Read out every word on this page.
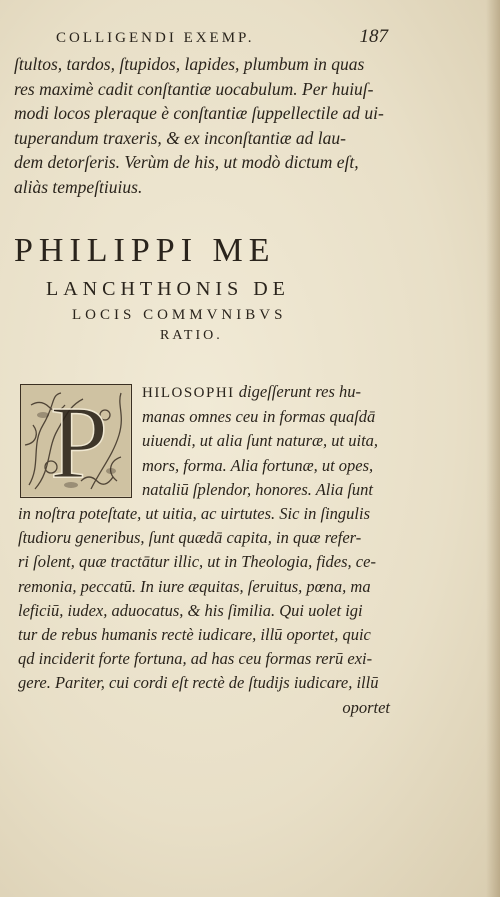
COLLIGENDI EXEMP.	187
ſtultos, tardos, ſtupidos, lapides, plumbum in quas
res maximè cadit conſtantiæ uocabulum. Per huiuſ-
modi locos pleraque è conſtantiæ ſuppellectile ad ui-
tuperandum traxeris, & ex inconſtantiæ ad lau-
dem detorſeris. Verùm de his, ut modò dictum eſt,
aliàs tempeſtiuius.
PHILIPPI ME
LANCHTHONIS DE
LOCIS COMMVNIBVS
RATIO.
P	HILOSOPHI digeſſerunt res hu-
manas omnes ceu in formas quaſdā
uiuendi, ut alia ſunt naturæ, ut uita,
mors, forma. Alia fortunæ, ut opes,
nataliū ſplendor, honores. Alia ſunt
in noſtra poteſtate, ut uitia, ac uirtutes. Sic in ſingulis
ſtudioru generibus, ſunt quædā capita, in quæ refer-
ri ſolent, quæ tractātur illic, ut in Theologia, fides, ce-
remonia, peccatū. In iure æquitas, ſeruitus, pœna, ma
leficiū, iudex, aduocatus, & his ſimilia. Qui uolet igi
tur de rebus humanis rectè iudicare, illū oportet, quic
qd inciderit forte fortuna, ad has ceu formas rerū exi-
gere. Pariter, cui cordi eſt rectè de ſtudijs iudicare, illū
oportet
